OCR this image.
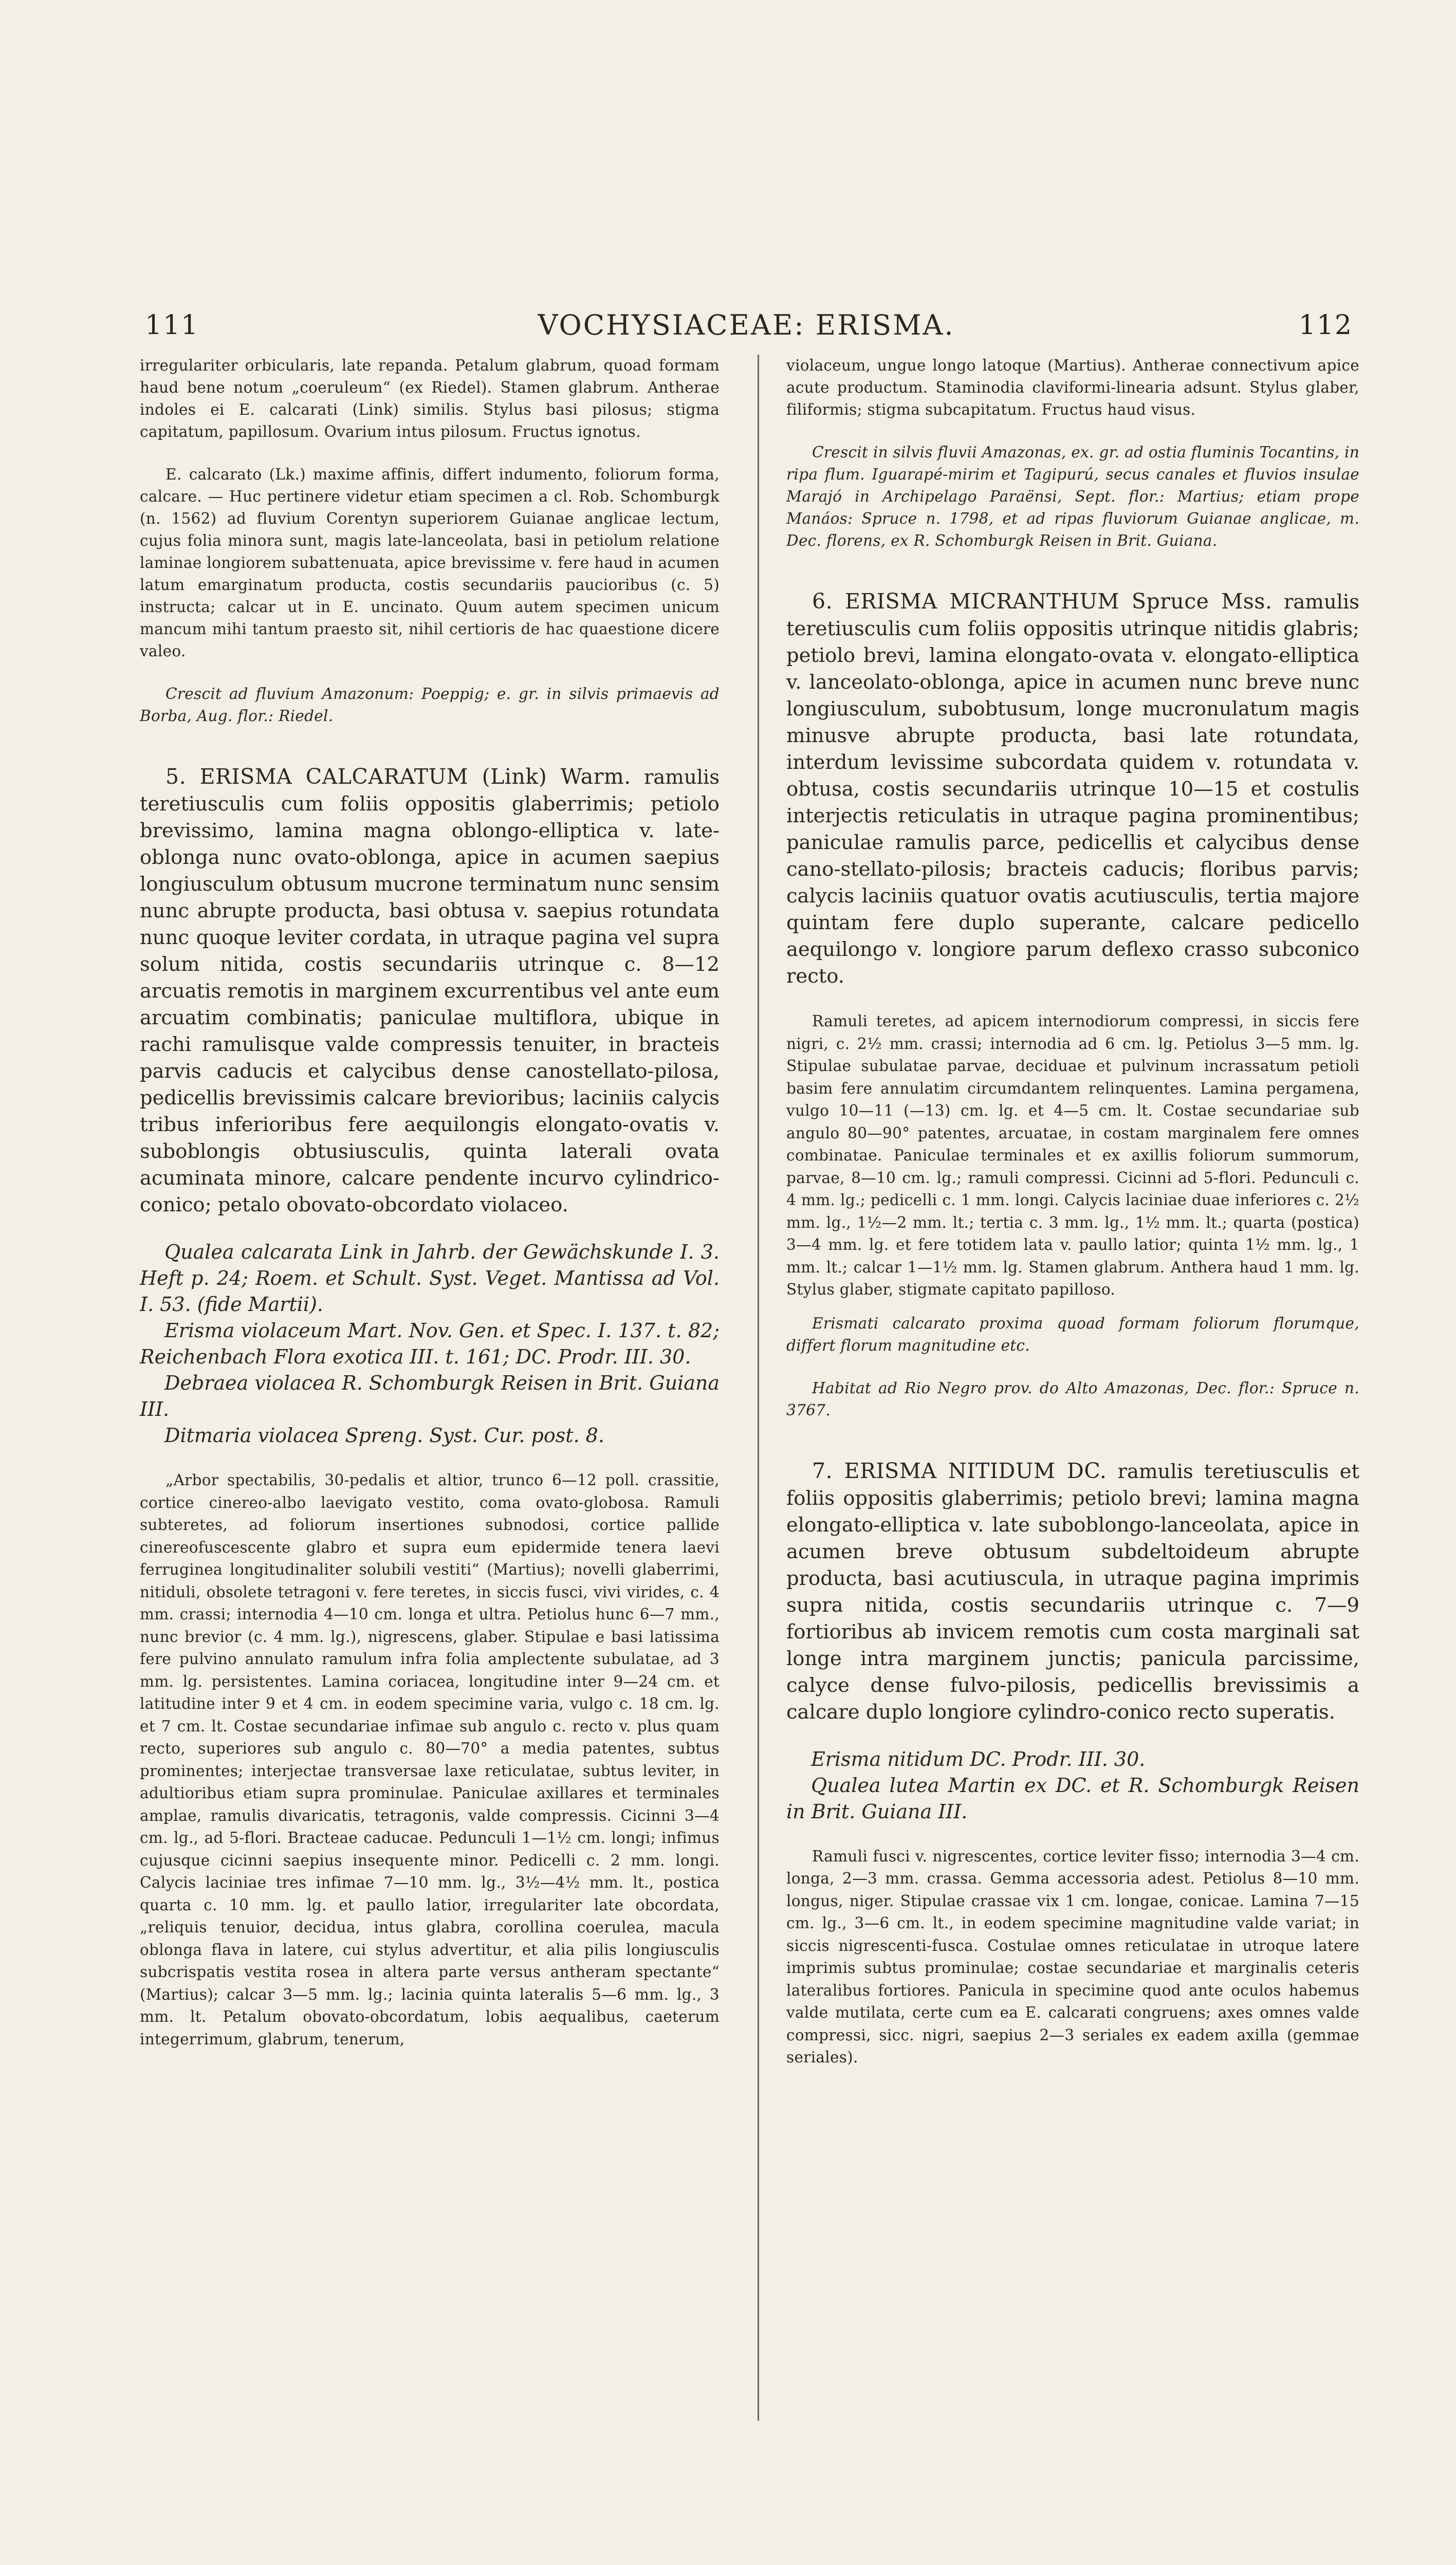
111	VOCHYSIACEAE: ERISMA.	112

irregulariter orbicularis, late repanda. Petalum glabrum, quoad formam haud bene notum „coeruleum“ (ex Riedel). Stamen glabrum. Antherae indoles ei E. calcarati (Link) similis. Stylus basi pilosus; stigma capitatum, papillosum. Ovarium intus pilosum. Fructus ignotus.

E. calcarato (Lk.) maxime affinis, differt indumento, foliorum forma, calcare. — Huc pertinere videtur etiam specimen a cl. Rob. Schomburgk (n. 1562) ad fluvium Corentyn superiorem Guianae anglicae lectum, cujus folia minora sunt, magis late-lanceolata, basi in petiolum relatione laminae longiorem subattenuata, apice brevissime v. fere haud in acumen latum emarginatum producta, costis secundariis paucioribus (c. 5) instructa; calcar ut in E. uncinato. Quum autem specimen unicum mancum mihi tantum praesto sit, nihil certioris de hac quaestione dicere valeo.

Crescit ad fluvium Amazonum: Poeppig; e. gr. in silvis primaevis ad Borba, Aug. flor.: Riedel.

5. ERISMA CALCARATUM (Link) Warm. ramulis teretiusculis cum foliis oppositis glaberrimis; petiolo brevissimo, lamina magna oblongo-elliptica v. late-oblonga nunc ovato-oblonga, apice in acumen saepius longiusculum obtusum mucrone terminatum nunc sensim nunc abrupte producta, basi obtusa v. saepius rotundata nunc quoque leviter cordata, in utraque pagina vel supra solum nitida, costis secundariis utrinque c. 8—12 arcuatis remotis in marginem excurrentibus vel ante eum arcuatim combinatis; paniculae multiflora, ubique in rachi ramulisque valde compressis tenuiter, in bracteis parvis caducis et calycibus dense canostellato-pilosa, pedicellis brevissimis calcare brevioribus; laciniis calycis tribus inferioribus fere aequilongis elongato-ovatis v. suboblongis obtusiusculis, quinta laterali ovata acuminata minore, calcare pendente incurvo cylindrico-conico; petalo obovato-obcordato violaceo.

Qualea calcarata Link in Jahrb. der Gewächskunde I. 3. Heft p. 24; Roem. et Schult. Syst. Veget. Mantissa ad Vol. I. 53. (fide Martii).

Erisma violaceum Mart. Nov. Gen. et Spec. I. 137. t. 82; Reichenbach Flora exotica III. t. 161; DC. Prodr. III. 30.

Debraea violacea R. Schomburgk Reisen in Brit. Guiana III.

Ditmaria violacea Spreng. Syst. Cur. post. 8.

„Arbor spectabilis, 30-pedalis et altior, trunco 6—12 poll. crassitie, cortice cinereo-albo laevigato vestito, coma ovato-globosa. Ramuli subteretes, ad foliorum insertiones subnodosi, cortice pallide cinereofuscescente glabro et supra eum epidermide tenera laevi ferruginea longitudinaliter solubili vestiti“ (Martius); novelli glaberrimi, nitiduli, obsolete tetragoni v. fere teretes, in siccis fusci, vivi virides, c. 4 mm. crassi; internodia 4—10 cm. longa et ultra. Petiolus hunc 6—7 mm., nunc brevior (c. 4 mm. lg.), nigrescens, glaber. Stipulae e basi latissima fere pulvino annulato ramulum infra folia amplectente subulatae, ad 3 mm. lg. persistentes. Lamina coriacea, longitudine inter 9—24 cm. et latitudine inter 9 et 4 cm. in eodem specimine varia, vulgo c. 18 cm. lg. et 7 cm. lt. Costae secundariae infimae sub angulo c. recto v. plus quam recto, superiores sub angulo c. 80—70° a media patentes, subtus prominentes; interjectae transversae laxe reticulatae, subtus leviter, in adultioribus etiam supra prominulae. Paniculae axillares et terminales amplae, ramulis divaricatis, tetragonis, valde compressis. Cicinni 3—4 cm. lg., ad 5-flori. Bracteae caducae. Pedunculi 1—1½ cm. longi; infimus cujusque cicinni saepius insequente minor. Pedicelli c. 2 mm. longi. Calycis laciniae tres infimae 7—10 mm. lg., 3½—4½ mm. lt., postica quarta c. 10 mm. lg. et paullo latior, irregulariter late obcordata, „reliquis tenuior, decidua, intus glabra, corollina coerulea, macula oblonga flava in latere, cui stylus advertitur, et alia pilis longiusculis subcrispatis vestita rosea in altera parte versus antheram spectante“ (Martius); calcar 3—5 mm. lg.; lacinia quinta lateralis 5—6 mm. lg., 3 mm. lt. Petalum obovato-obcordatum, lobis aequalibus, caeterum integerrimum, glabrum, tenerum,

violaceum, ungue longo latoque (Martius). Antherae connectivum apice acute productum. Staminodia claviformi-linearia adsunt. Stylus glaber, filiformis; stigma subcapitatum. Fructus haud visus.

Crescit in silvis fluvii Amazonas, ex. gr. ad ostia fluminis Tocantins, in ripa flum. Iguarapé-mirim et Tagipurú, secus canales et fluvios insulae Marajó in Archipelago Paraënsi, Sept. flor.: Martius; etiam prope Manáos: Spruce n. 1798, et ad ripas fluviorum Guianae anglicae, m. Dec. florens, ex R. Schomburgk Reisen in Brit. Guiana.

6. ERISMA MICRANTHUM Spruce Mss. ramulis teretiusculis cum foliis oppositis utrinque nitidis glabris; petiolo brevi, lamina elongato-ovata v. elongato-elliptica v. lanceolato-oblonga, apice in acumen nunc breve nunc longiusculum, subobtusum, longe mucronulatum magis minusve abrupte producta, basi late rotundata, interdum levissime subcordata quidem v. rotundata v. obtusa, costis secundariis utrinque 10—15 et costulis interjectis reticulatis in utraque pagina prominentibus; paniculae ramulis parce, pedicellis et calycibus dense cano-stellato-pilosis; bracteis caducis; floribus parvis; calycis laciniis quatuor ovatis acutiusculis, tertia majore quintam fere duplo superante, calcare pedicello aequilongo v. longiore parum deflexo crasso subconico recto.

Ramuli teretes, ad apicem internodiorum compressi, in siccis fere nigri, c. 2½ mm. crassi; internodia ad 6 cm. lg. Petiolus 3—5 mm. lg. Stipulae subulatae parvae, deciduae et pulvinum incrassatum petioli basim fere annulatim circumdantem relinquentes. Lamina pergamena, vulgo 10—11 (—13) cm. lg. et 4—5 cm. lt. Costae secundariae sub angulo 80—90° patentes, arcuatae, in costam marginalem fere omnes combinatae. Paniculae terminales et ex axillis foliorum summorum, parvae, 8—10 cm. lg.; ramuli compressi. Cicinni ad 5-flori. Pedunculi c. 4 mm. lg.; pedicelli c. 1 mm. longi. Calycis laciniae duae inferiores c. 2½ mm. lg., 1½—2 mm. lt.; tertia c. 3 mm. lg., 1½ mm. lt.; quarta (postica) 3—4 mm. lg. et fere totidem lata v. paullo latior; quinta 1½ mm. lg., 1 mm. lt.; calcar 1—1½ mm. lg. Stamen glabrum. Anthera haud 1 mm. lg. Stylus glaber, stigmate capitato papilloso.

Erismati calcarato proxima quoad formam foliorum florumque, differt florum magnitudine etc.

Habitat ad Rio Negro prov. do Alto Amazonas, Dec. flor.: Spruce n. 3767.

7. ERISMA NITIDUM DC. ramulis teretiusculis et foliis oppositis glaberrimis; petiolo brevi; lamina magna elongato-elliptica v. late suboblongo-lanceolata, apice in acumen breve obtusum subdeltoideum abrupte producta, basi acutiuscula, in utraque pagina imprimis supra nitida, costis secundariis utrinque c. 7—9 fortioribus ab invicem remotis cum costa marginali sat longe intra marginem junctis; panicula parcissime, calyce dense fulvo-pilosis, pedicellis brevissimis a calcare duplo longiore cylindro-conico recto superatis.

Erisma nitidum DC. Prodr. III. 30.

Qualea lutea Martin ex DC. et R. Schomburgk Reisen in Brit. Guiana III.

Ramuli fusci v. nigrescentes, cortice leviter fisso; internodia 3—4 cm. longa, 2—3 mm. crassa. Gemma accessoria adest. Petiolus 8—10 mm. longus, niger. Stipulae crassae vix 1 cm. longae, conicae. Lamina 7—15 cm. lg., 3—6 cm. lt., in eodem specimine magnitudine valde variat; in siccis nigrescenti-fusca. Costulae omnes reticulatae in utroque latere imprimis subtus prominulae; costae secundariae et marginalis ceteris lateralibus fortiores. Panicula in specimine quod ante oculos habemus valde mutilata, certe cum ea E. calcarati congruens; axes omnes valde compressi, sicc. nigri, saepius 2—3 seriales ex eadem axilla (gemmae seriales).
